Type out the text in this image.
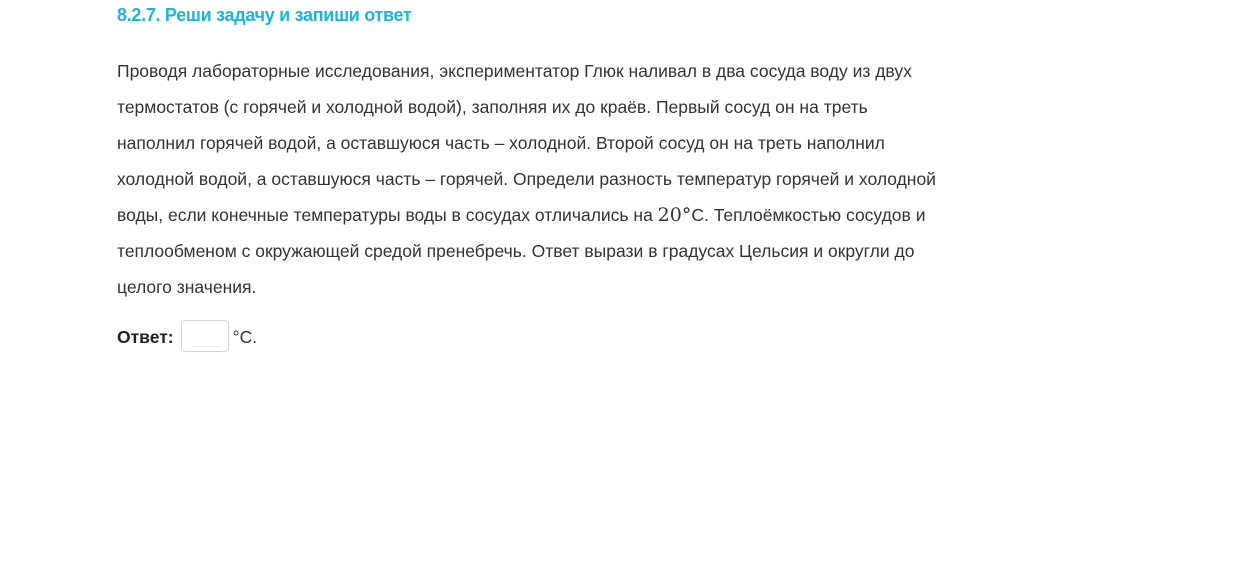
8.2.7. Реши задачу и запиши ответ

Проводя лабораторные исследования, экспериментатор Глюк наливал в два сосуда воду из двух термостатов (с горячей и холодной водой), заполняя их до краёв. Первый сосуд он на треть наполнил горячей водой, а оставшуюся часть – холодной. Второй сосуд он на треть наполнил холодной водой, а оставшуюся часть – горячей. Определи разность температур горячей и холодной воды, если конечные температуры воды в сосудах отличались на 20°C. Теплоёмкостью сосудов и теплообменом с окружающей средой пренебречь. Ответ вырази в градусах Цельсия и округли до целого значения.

Ответ:	°C.
